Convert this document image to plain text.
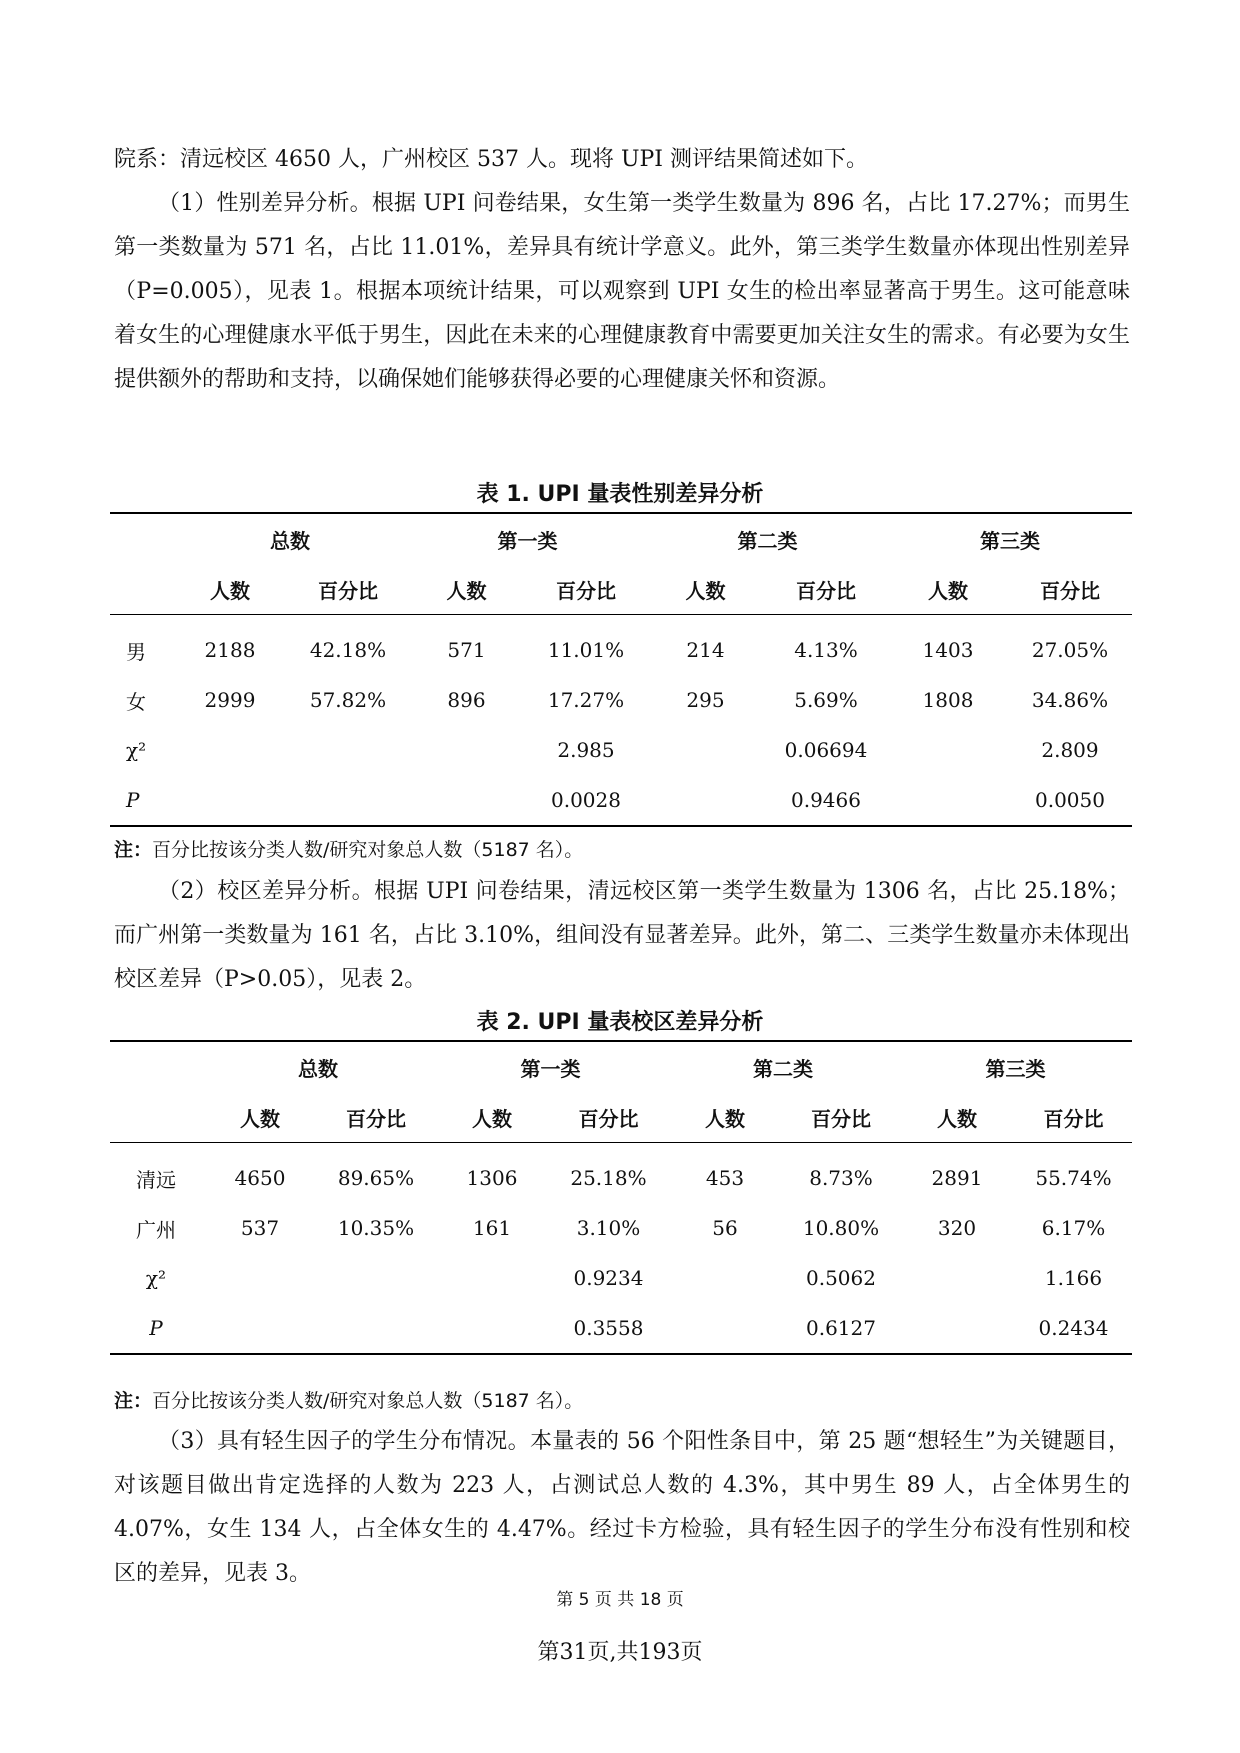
院系：清远校区 4650 人，广州校区 537 人。现将 UPI 测评结果简述如下。

（1）性别差异分析。根据 UPI 问卷结果，女生第一类学生数量为 896 名，占比 17.27%；而男生第一类数量为 571 名，占比 11.01%，差异具有统计学意义。此外，第三类学生数量亦体现出性别差异（P=0.005），见表 1。根据本项统计结果，可以观察到 UPI 女生的检出率显著高于男生。这可能意味着女生的心理健康水平低于男生，因此在未来的心理健康教育中需要更加关注女生的需求。有必要为女生提供额外的帮助和支持，以确保她们能够获得必要的心理健康关怀和资源。

表 1. UPI 量表性别差异分析

	总数		第一类		第二类		第三类	
	人数	百分比	人数	百分比	人数	百分比	人数	百分比

男	2188	42.18%	571	11.01%	214	4.13%	1403	27.05%
女	2999	57.82%	896	17.27%	295	5.69%	1808	34.86%
χ²				2.985		0.06694		2.809
P				0.0028		0.9466		0.0050

注：百分比按该分类人数/研究对象总人数（5187 名）。

（2）校区差异分析。根据 UPI 问卷结果，清远校区第一类学生数量为 1306 名，占比 25.18%；而广州第一类数量为 161 名，占比 3.10%，组间没有显著差异。此外，第二、三类学生数量亦未体现出校区差异（P>0.05），见表 2。

表 2. UPI 量表校区差异分析

	总数		第一类		第二类		第三类	
	人数	百分比	人数	百分比	人数	百分比	人数	百分比

清远	4650	89.65%	1306	25.18%	453	8.73%	2891	55.74%
广州	537	10.35%	161	3.10%	56	10.80%	320	6.17%
χ²				0.9234		0.5062		1.166
P				0.3558		0.6127		0.2434

注：百分比按该分类人数/研究对象总人数（5187 名）。

（3）具有轻生因子的学生分布情况。本量表的 56 个阳性条目中，第 25 题“想轻生”为关键题目，对该题目做出肯定选择的人数为 223 人，占测试总人数的 4.3%，其中男生 89 人，占全体男生的 4.07%，女生 134 人，占全体女生的 4.47%。经过卡方检验，具有轻生因子的学生分布没有性别和校区的差异，见表 3。

第 5 页 共 18 页

第31页,共193页
